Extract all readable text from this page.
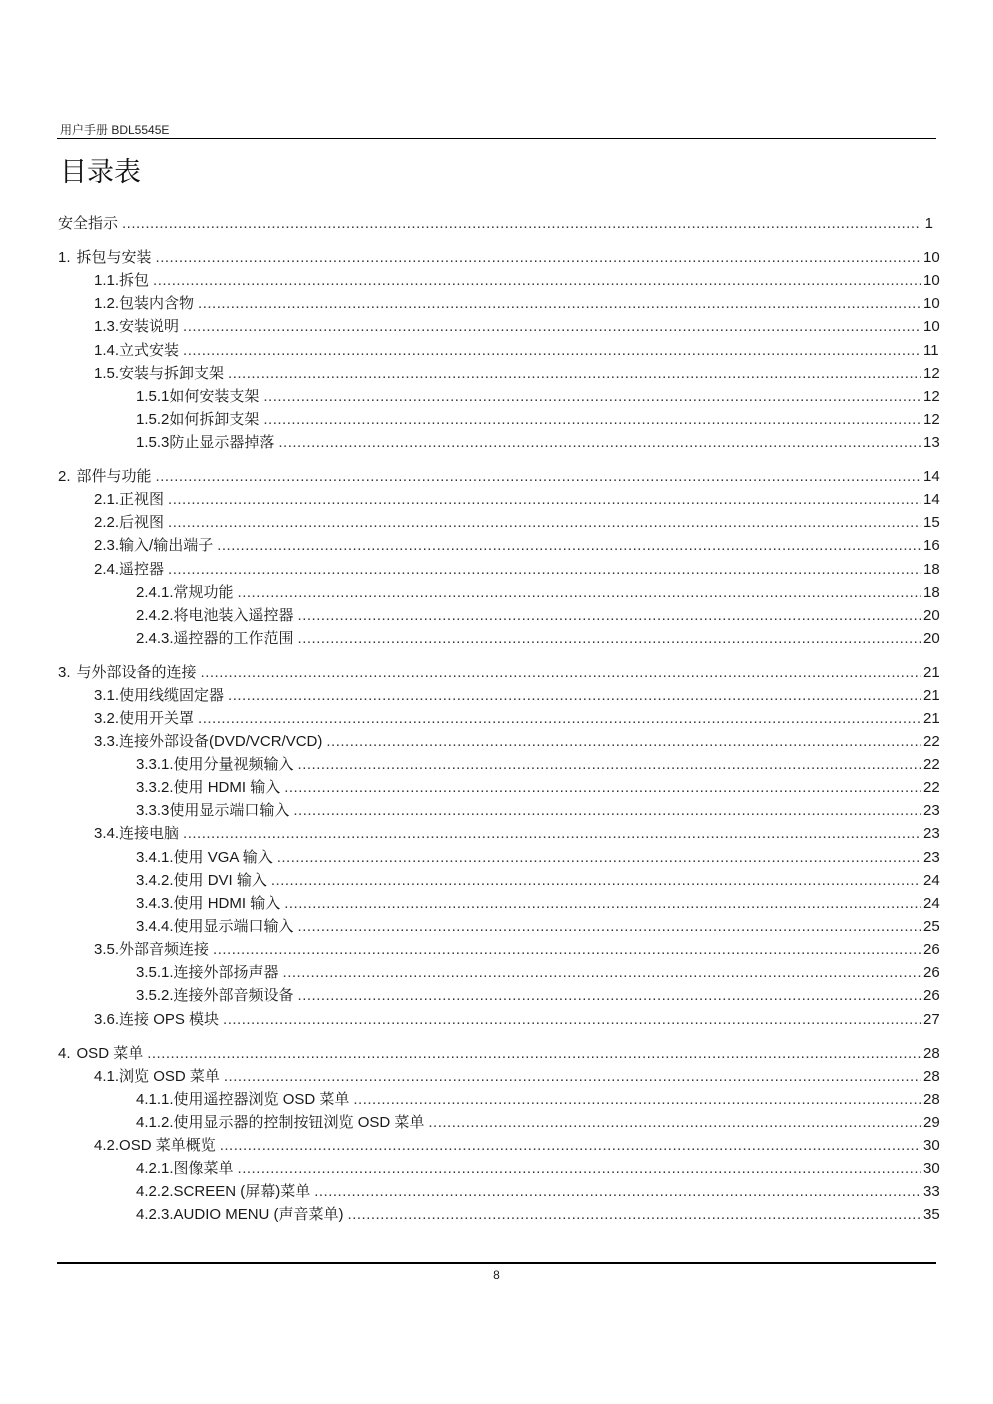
用户手册 BDL5545E
目录表
安全指示 .....	1
1. 拆包与安装 .....	10
1.1. 拆包 .....	10
1.2. 包装内含物 .....	10
1.3. 安装说明 .....	10
1.4. 立式安装 .....	11
1.5. 安装与拆卸支架 .....	12
1.5.1 如何安装支架 .....	12
1.5.2 如何拆卸支架 .....	12
1.5.3 防止显示器掉落 .....	13
2. 部件与功能 .....	14
2.1. 正视图 .....	14
2.2. 后视图 .....	15
2.3. 输入/输出端子 .....	16
2.4. 遥控器 .....	18
2.4.1. 常规功能 .....	18
2.4.2. 将电池装入遥控器 .....	20
2.4.3. 遥控器的工作范围 .....	20
3. 与外部设备的连接 .....	21
3.1. 使用线缆固定器 .....	21
3.2. 使用开关罩 .....	21
3.3. 连接外部设备(DVD/VCR/VCD) .....	22
3.3.1. 使用分量视频输入 .....	22
3.3.2. 使用 HDMI 输入 .....	22
3.3.3 使用显示端口输入 .....	23
3.4. 连接电脑 .....	23
3.4.1. 使用 VGA 输入 .....	23
3.4.2. 使用 DVI 输入 .....	24
3.4.3. 使用 HDMI 输入 .....	24
3.4.4. 使用显示端口输入 .....	25
3.5. 外部音频连接 .....	26
3.5.1. 连接外部扬声器 .....	26
3.5.2. 连接外部音频设备 .....	26
3.6. 连接 OPS 模块 .....	27
4. OSD 菜单 .....	28
4.1. 浏览 OSD 菜单 .....	28
4.1.1. 使用遥控器浏览 OSD 菜单 .....	28
4.1.2. 使用显示器的控制按钮浏览 OSD 菜单 .....	29
4.2. OSD 菜单概览 .....	30
4.2.1. 图像菜单 .....	30
4.2.2. SCREEN (屏幕)菜单 .....	33
4.2.3. AUDIO MENU (声音菜单) .....	35
8
